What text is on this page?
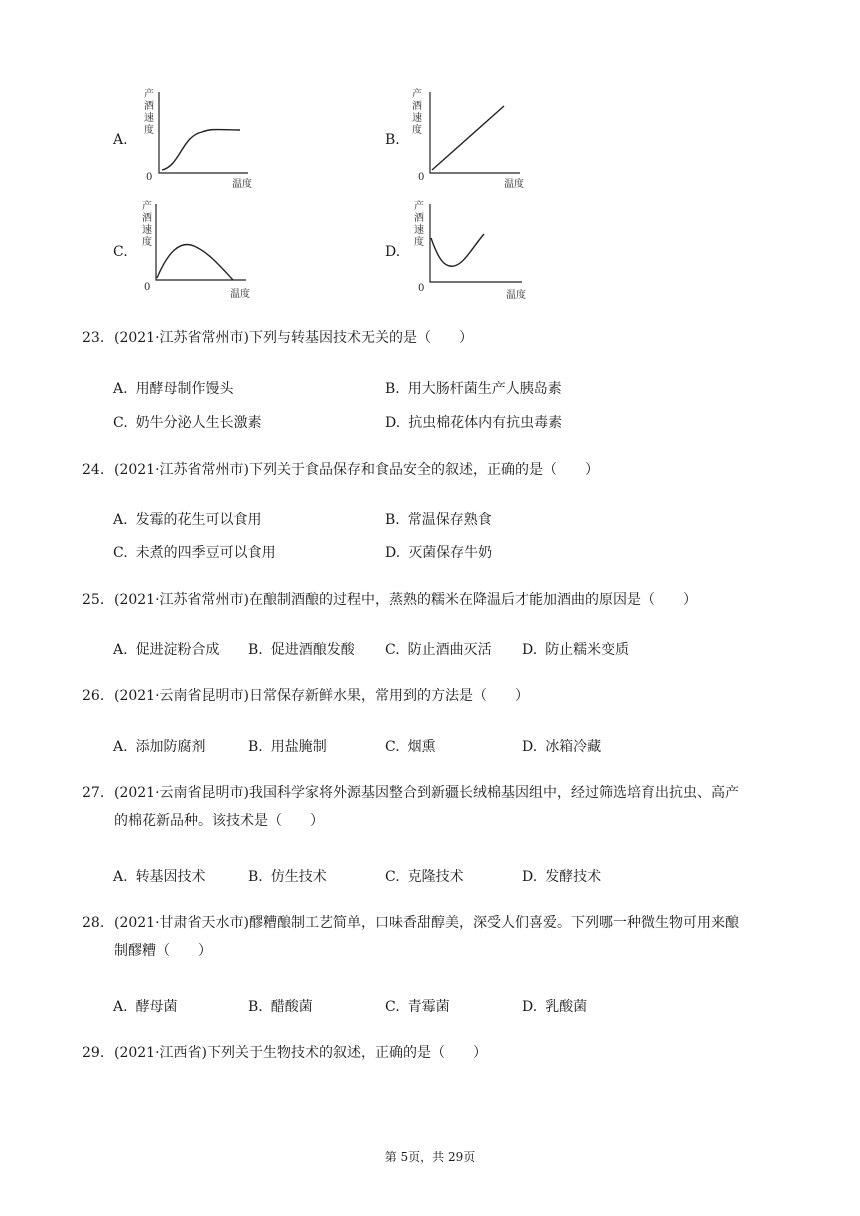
A.
产
酒
速
度
0
温度
B.
产
酒
速
度
0
温度
C.
产
酒
速
度
0
温度
D.
产
酒
速
度
0
温度
23. (2021·江苏省常州市)下列与转基因技术无关的是（　　）
A. 用酵母制作馒头	B. 用大肠杆菌生产人胰岛素
C. 奶牛分泌人生长激素	D. 抗虫棉花体内有抗虫毒素
24. (2021·江苏省常州市)下列关于食品保存和食品安全的叙述，正确的是（　　）
A. 发霉的花生可以食用	B. 常温保存熟食
C. 未煮的四季豆可以食用	D. 灭菌保存牛奶
25. (2021·江苏省常州市)在酿制酒酿的过程中，蒸熟的糯米在降温后才能加酒曲的原因是（　　）
A. 促进淀粉合成 B. 促进酒酿发酸 C. 防止酒曲灭活 D. 防止糯米变质
26. (2021·云南省昆明市)日常保存新鲜水果，常用到的方法是（　　）
A. 添加防腐剂	B. 用盐腌制	C. 烟熏	D. 冰箱冷藏
27. (2021·云南省昆明市)我国科学家将外源基因整合到新疆长绒棉基因组中，经过筛选培育出抗虫、高产
的棉花新品种。该技术是（　　）
A. 转基因技术	B. 仿生技术	C. 克隆技术	D. 发酵技术
28. (2021·甘肃省天水市)醪糟酿制工艺简单，口味香甜醇美，深受人们喜爱。下列哪一种微生物可用来酿
制醪糟（　　）
A. 酵母菌	B. 醋酸菌	C. 青霉菌	D. 乳酸菌
29. (2021·江西省)下列关于生物技术的叙述，正确的是（　　）
第 5页，共 29页
